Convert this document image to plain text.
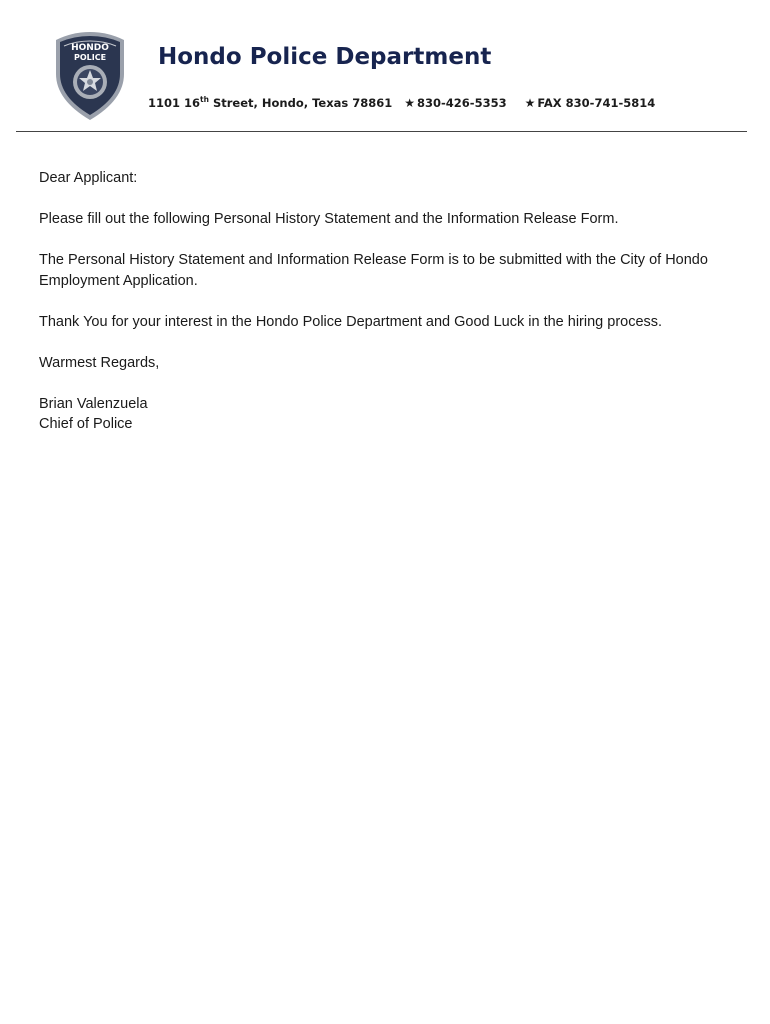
HONDO
POLICE Hondo Police Department
1101 16th Street, Hondo, Texas 78861 ★ 830-426-5353 ★ FAX 830-741-5814

Dear Applicant:

Please fill out the following Personal History Statement and the Information Release Form.

The Personal History Statement and Information Release Form is to be submitted with the City of Hondo Employment Application.

Thank You for your interest in the Hondo Police Department and Good Luck in the hiring process.

Warmest Regards,

Brian Valenzuela
Chief of Police
